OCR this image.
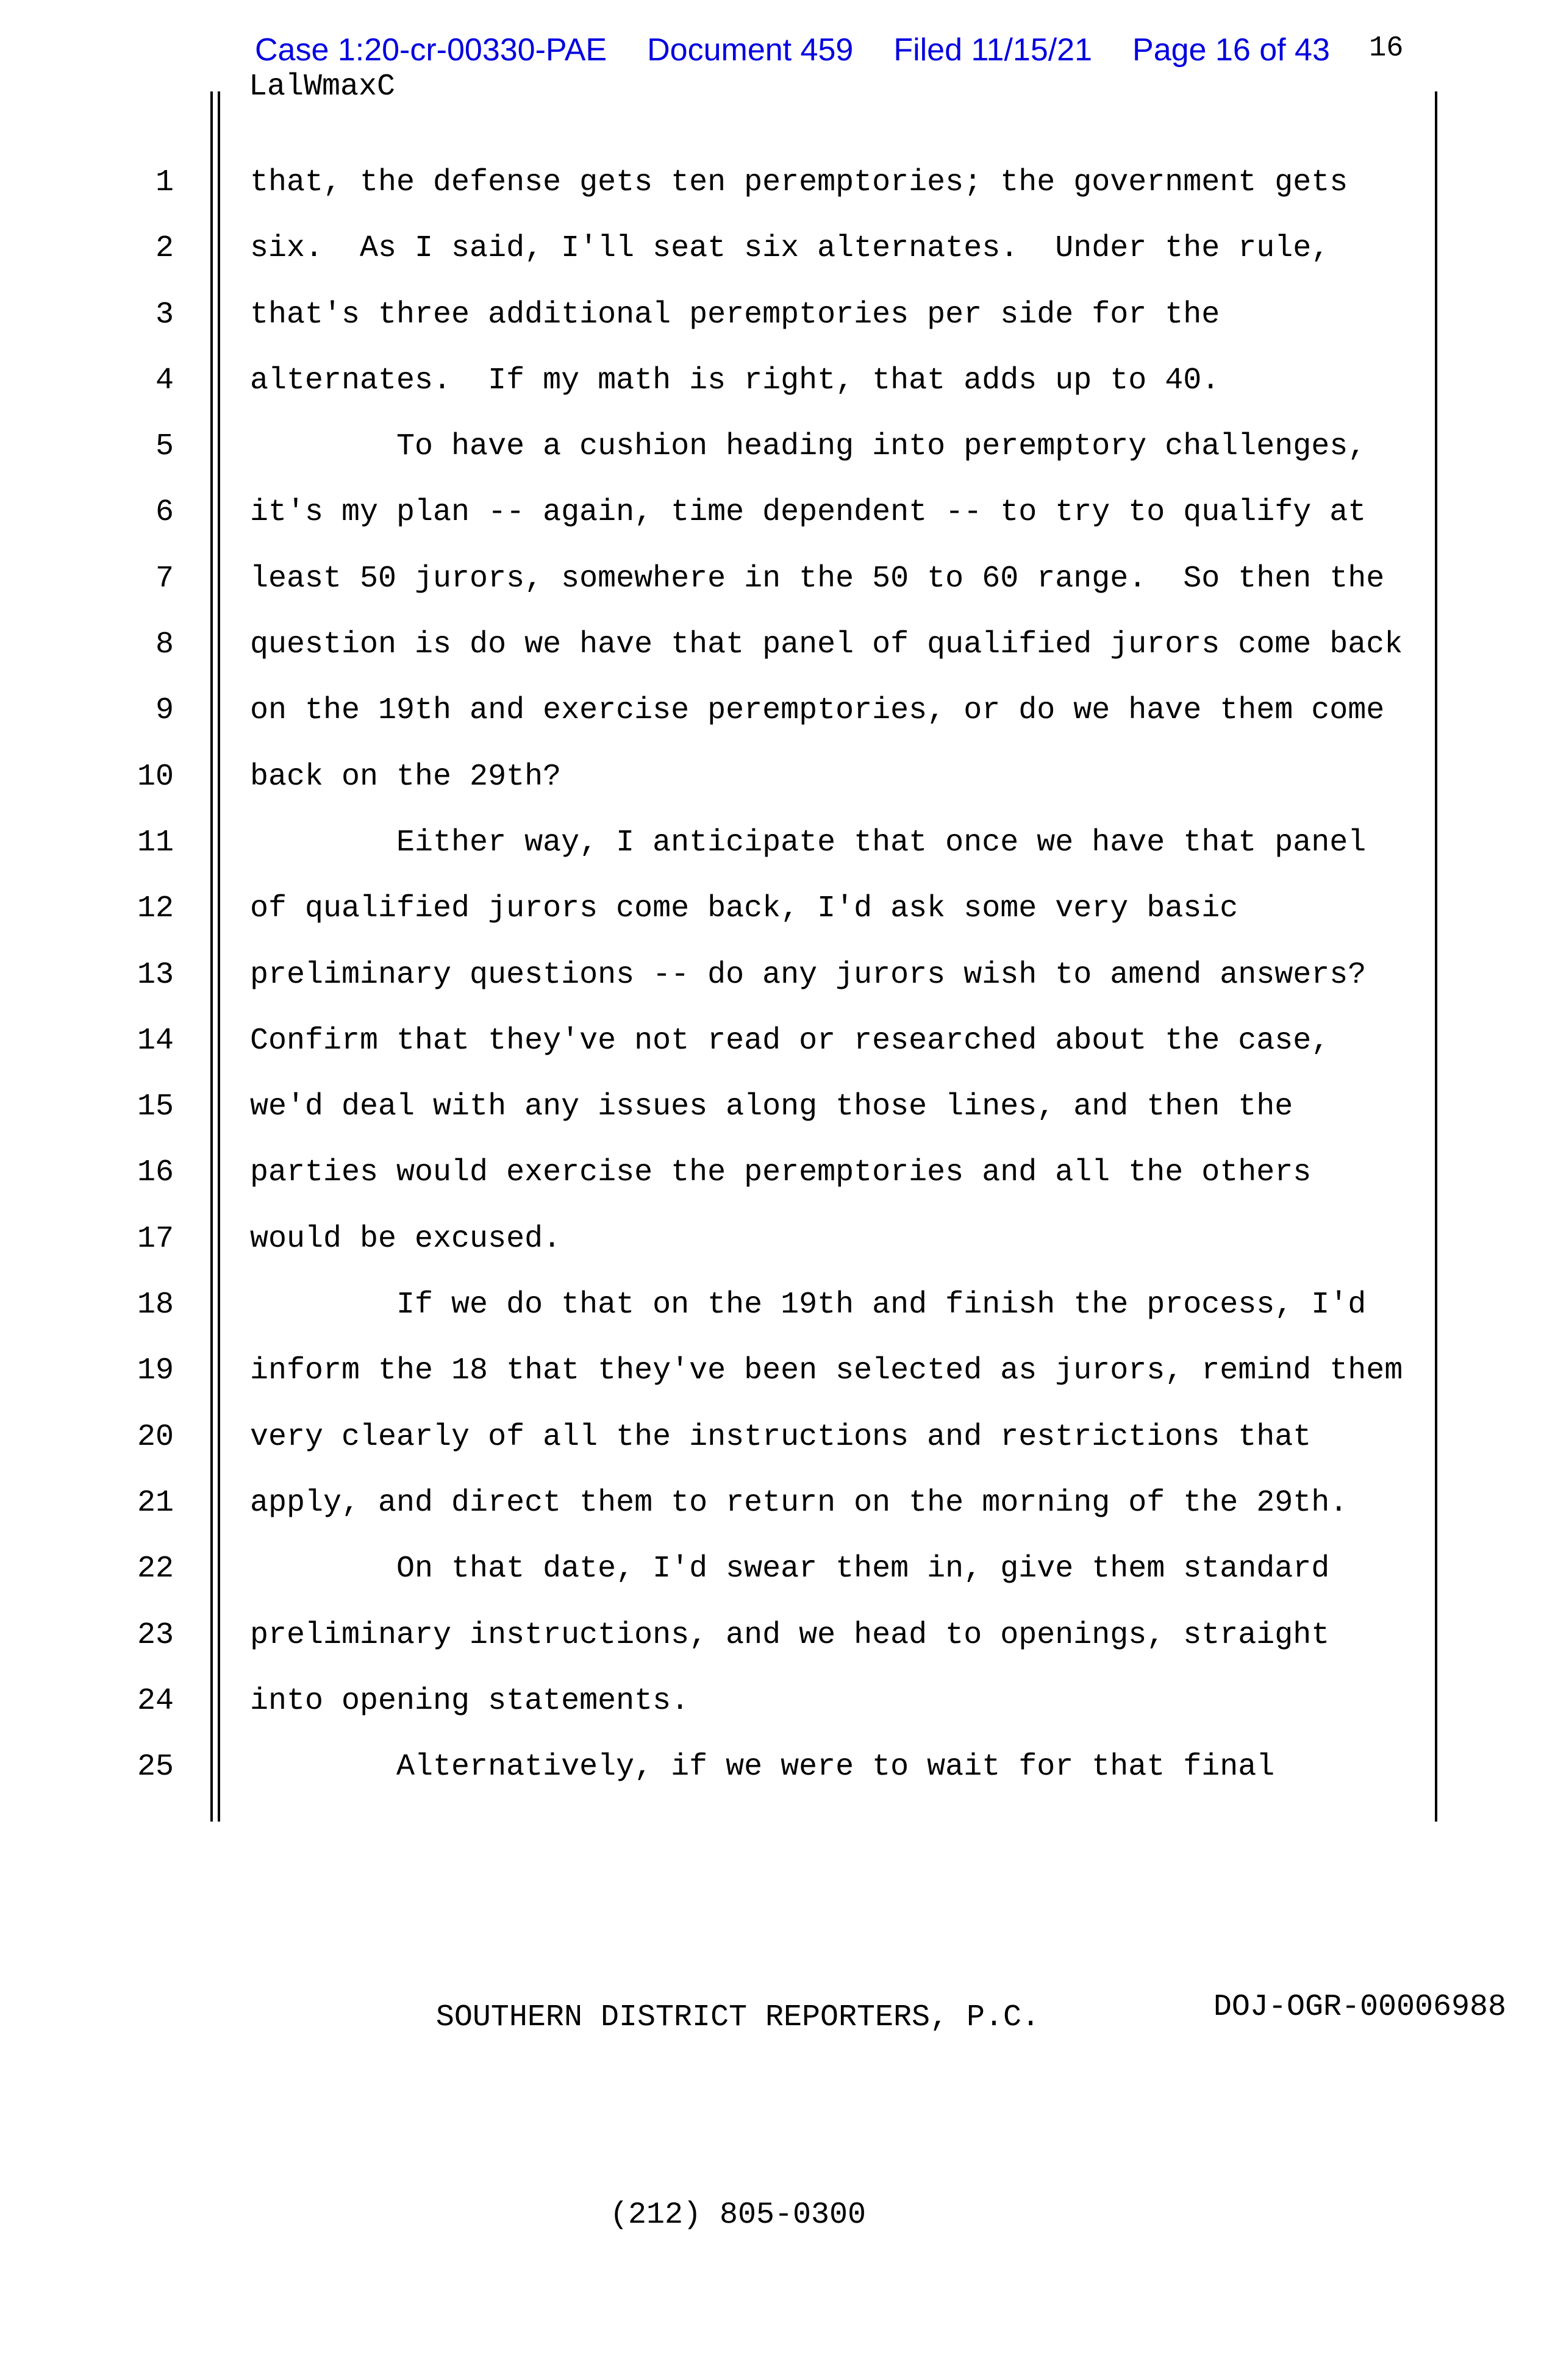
Case 1:20-cr-00330-PAE Document 459 Filed 11/15/21 Page 16 of 43	16
LalWmaxC
1	that, the defense gets ten peremptories; the government gets
2	six.  As I said, I'll seat six alternates.  Under the rule,
3	that's three additional peremptories per side for the
4	alternates.  If my math is right, that adds up to 40.
5	To have a cushion heading into peremptory challenges,
6	it's my plan -- again, time dependent -- to try to qualify at
7	least 50 jurors, somewhere in the 50 to 60 range.  So then the
8	question is do we have that panel of qualified jurors come back
9	on the 19th and exercise peremptories, or do we have them come
10	back on the 29th?
11	Either way, I anticipate that once we have that panel
12	of qualified jurors come back, I'd ask some very basic
13	preliminary questions -- do any jurors wish to amend answers?
14	Confirm that they've not read or researched about the case,
15	we'd deal with any issues along those lines, and then the
16	parties would exercise the peremptories and all the others
17	would be excused.
18	If we do that on the 19th and finish the process, I'd
19	inform the 18 that they've been selected as jurors, remind them
20	very clearly of all the instructions and restrictions that
21	apply, and direct them to return on the morning of the 29th.
22	On that date, I'd swear them in, give them standard
23	preliminary instructions, and we head to openings, straight
24	into opening statements.
25	Alternatively, if we were to wait for that final

SOUTHERN DISTRICT REPORTERS, P.C.

(212) 805-0300

DOJ-OGR-00006988
